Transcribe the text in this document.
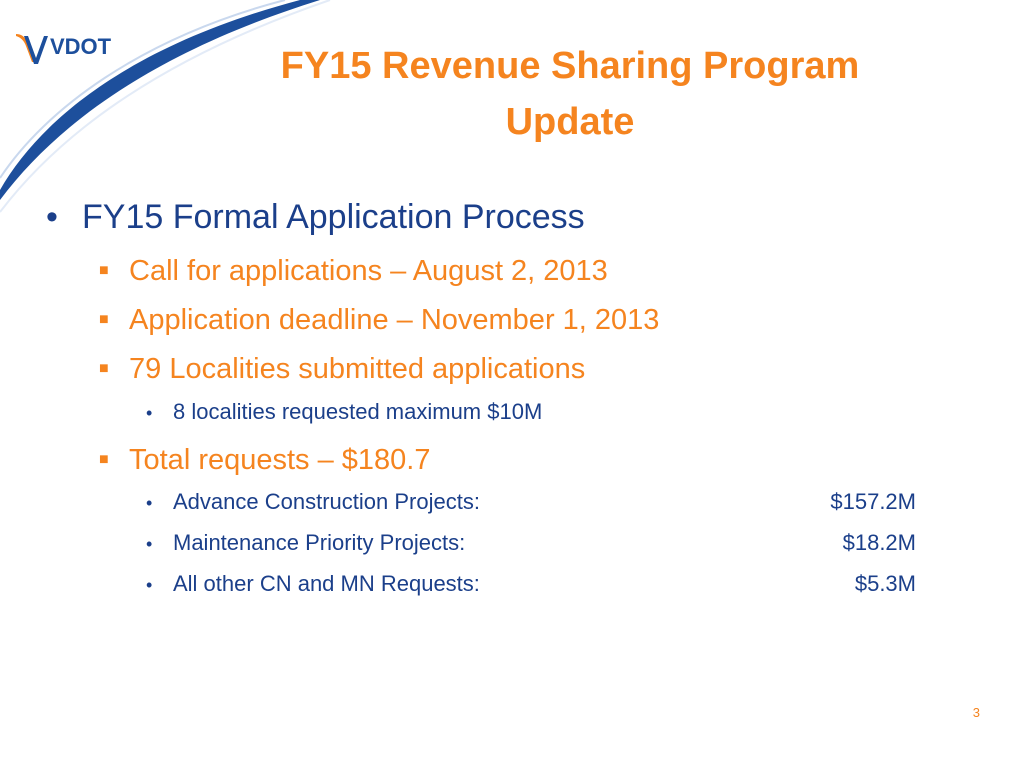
VDOT	FY15 Revenue Sharing Program
Update
• FY15 Formal Application Process
■ Call for applications – August 2, 2013
■ Application deadline – November 1, 2013
■ 79 Localities submitted applications
• 8 localities requested maximum $10M
■ Total requests – $180.7
• Advance Construction Projects:	$157.2M
• Maintenance Priority Projects:	$18.2M
• All other CN and MN Requests:	$5.3M
3
